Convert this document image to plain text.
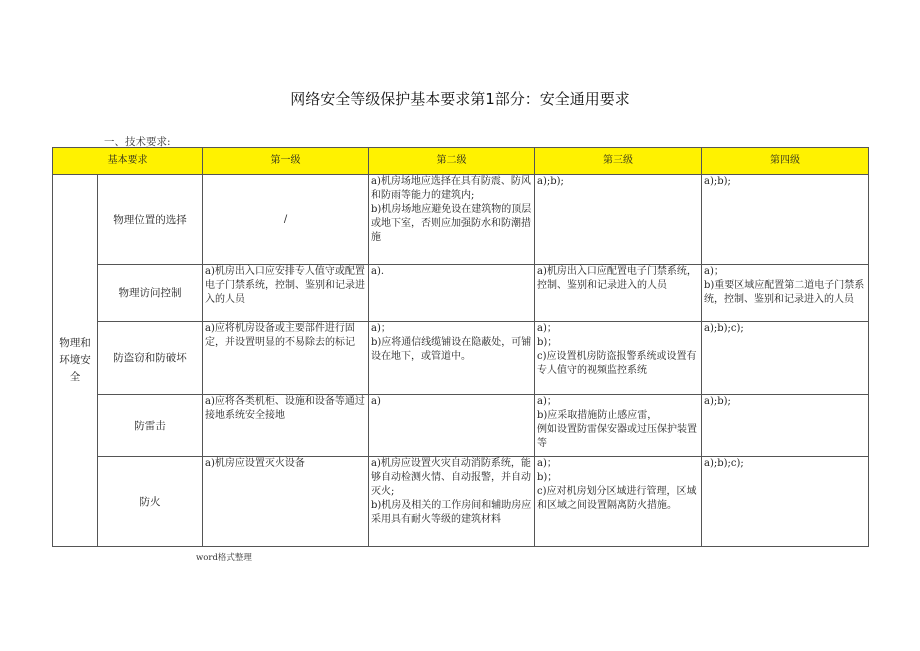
网络安全等级保护基本要求第1部分：安全通用要求
一、技术要求:
基本要求		第一级	第二级	第三级	第四级
物理和环境安全	物理位置的选择	/	a)机房场地应选择在具有防震、防风和防雨等能力的建筑内;
b)机房场地应避免设在建筑物的顶层或地下室，否则应加强防水和防潮措施	a);b);	a);b);

	物理访问控制	a)机房出入口应安排专人值守或配置电子门禁系统，控制、鉴别和记录进入的人员	a).	a)机房出入口应配置电子门禁系统，控制、鉴别和记录进入的人员	a)；
b)重要区域应配置第二道电子门禁系统，控制、鉴别和记录进入的人员

	防盗窃和防破坏	a)应将机房设备或主要部件进行固定，并设置明显的不易除去的标记	a)；
b)应将通信线缆铺设在隐蔽处，可铺设在地下，或管道中。	a)；
b)；
c)应设置机房防盗报警系统或设置有专人值守的视频监控系统	a);b);c);

	防雷击	a)应将各类机柜、设施和设备等通过接地系统安全接地	a)	a)；
b)应采取措施防止感应雷，
例如设置防雷保安器或过压保护装置等	a);b);

	防火	a)机房应设置灭火设备	a)机房应设置火灾自动消防系统，能够自动检测火情、自动报警，并自动灭火;
b)机房及相关的工作房间和辅助房应采用具有耐火等级的建筑材料	a)；
b)；
c)应对机房划分区域进行管理，区域和区域之间设置隔离防火措施。	a);b);c);
word格式整理
